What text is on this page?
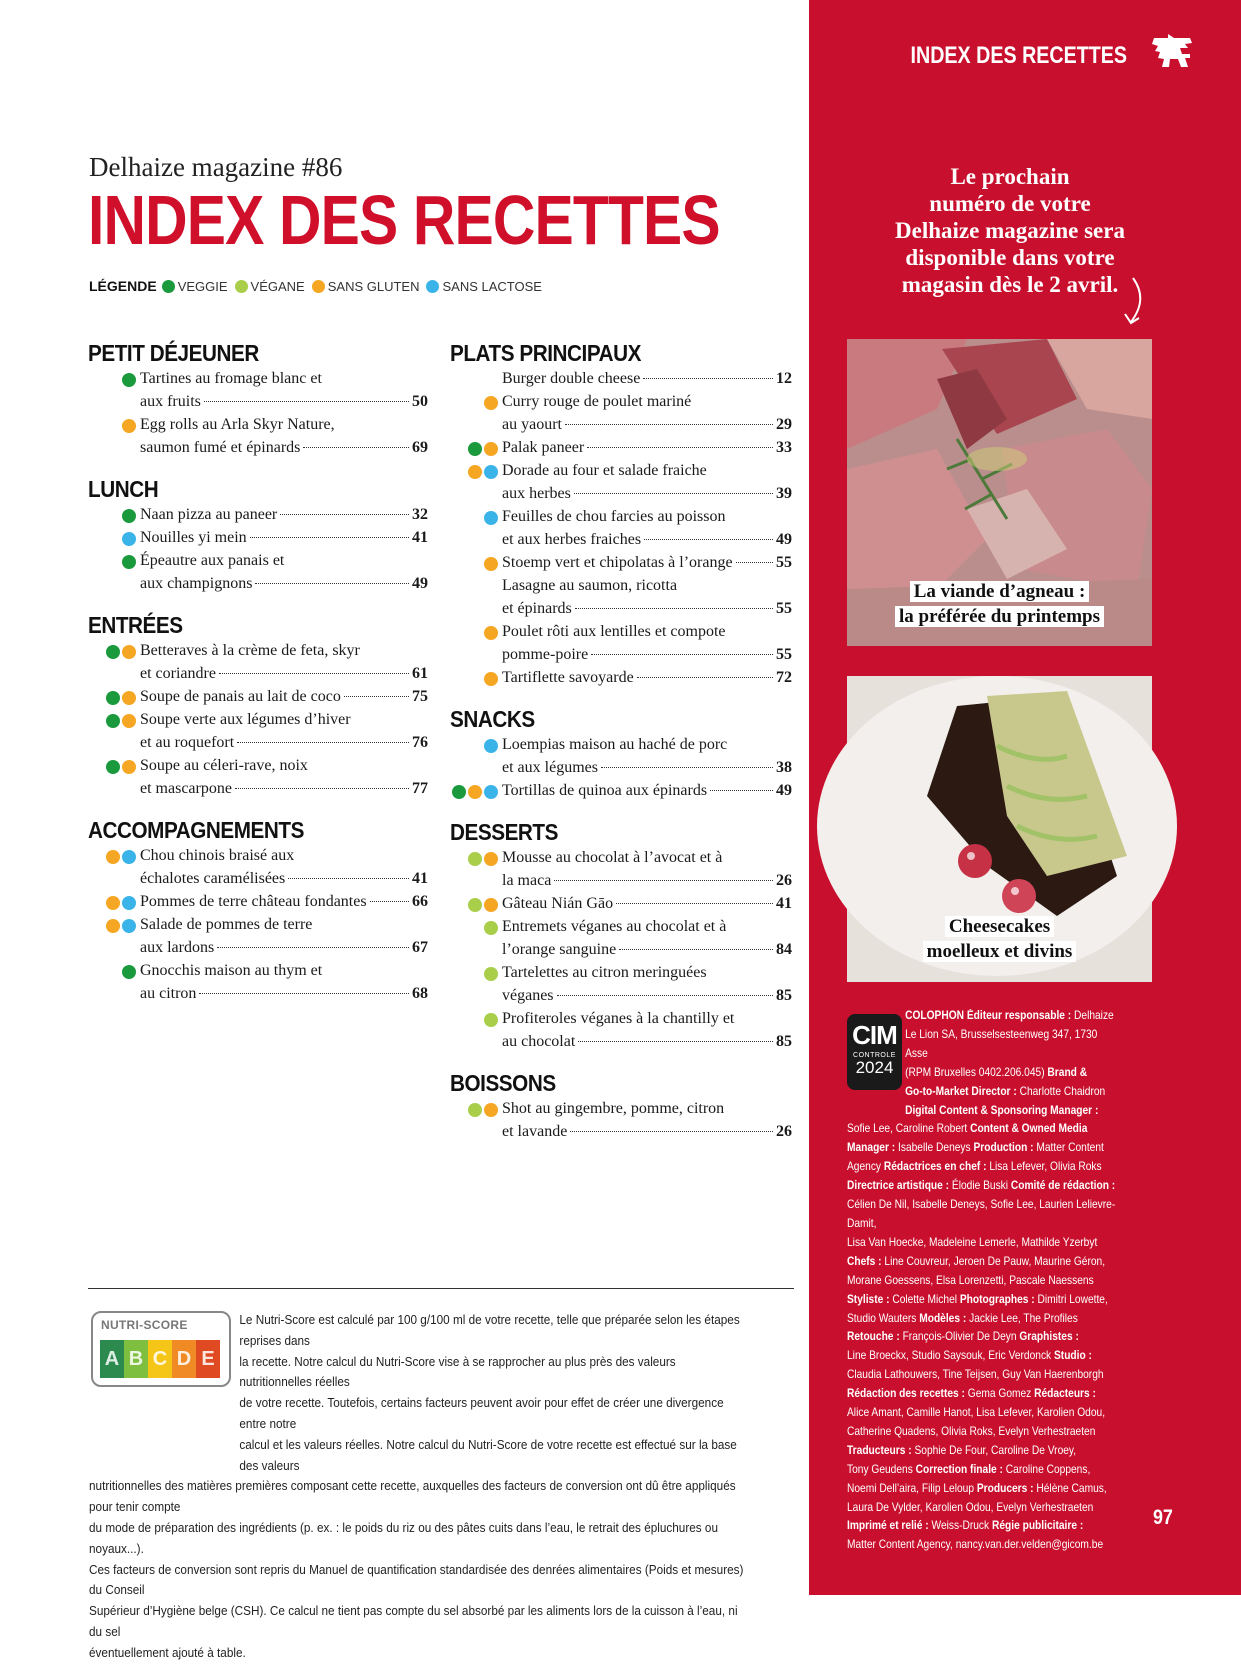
Delhaize magazine #86
INDEX DES RECETTES
LÉGENDE VEGGIE VÉGANE SANS GLUTEN SANS LACTOSE
PETIT DÉJEUNER
Tartines au fromage blanc et
aux fruits	50
Egg rolls au Arla Skyr Nature,
saumon fumé et épinards	69
LUNCH
Naan pizza au paneer	32
Nouilles yi mein	41
Épeautre aux panais et
aux champignons	49
ENTRÉES
Betteraves à la crème de feta, skyr
et coriandre	61
Soupe de panais au lait de coco	75
Soupe verte aux légumes d’hiver
et au roquefort	76
Soupe au céleri-rave, noix
et mascarpone	77
ACCOMPAGNEMENTS
Chou chinois braisé aux
échalotes caramélisées	41
Pommes de terre château fondantes	66
Salade de pommes de terre
aux lardons	67
Gnocchis maison au thym et
au citron	68
PLATS PRINCIPAUX
Burger double cheese	12
Curry rouge de poulet mariné
au yaourt	29
Palak paneer	33
Dorade au four et salade fraiche
aux herbes	39
Feuilles de chou farcies au poisson
et aux herbes fraiches	49
Stoemp vert et chipolatas à l’orange	55
Lasagne au saumon, ricotta
et épinards	55
Poulet rôti aux lentilles et compote
pomme-poire	55
Tartiflette savoyarde	72
SNACKS
Loempias maison au haché de porc
et aux légumes	38
Tortillas de quinoa aux épinards	49
DESSERTS
Mousse au chocolat à l’avocat et à
la maca	26
Gâteau Nián Gāo	41
Entremets véganes au chocolat et à
l’orange sanguine	84
Tartelettes au citron meringuées
véganes	85
Profiteroles véganes à la chantilly et
au chocolat	85
BOISSONS
Shot au gingembre, pomme, citron
et lavande	26
Le Nutri-Score est calculé par 100 g/100 ml de votre recette, telle que préparée selon les étapes reprises dans
la recette. Notre calcul du Nutri-Score vise à se rapprocher au plus près des valeurs nutritionnelles réelles
de votre recette. Toutefois, certains facteurs peuvent avoir pour effet de créer une divergence entre notre
calcul et les valeurs réelles. Notre calcul du Nutri-Score de votre recette est effectué sur la base des valeurs
nutritionnelles des matières premières composant cette recette, auxquelles des facteurs de conversion ont dû être appliqués pour tenir compte
du mode de préparation des ingrédients (p. ex. : le poids du riz ou des pâtes cuits dans l’eau, le retrait des épluchures ou noyaux...).
Ces facteurs de conversion sont repris du Manuel de quantification standardisée des denrées alimentaires (Poids et mesures) du Conseil
Supérieur d’Hygiène belge (CSH). Ce calcul ne tient pas compte du sel absorbé par les aliments lors de la cuisson à l’eau, ni du sel
éventuellement ajouté à table.
NUTRI-SCORE
A B C D E
INDEX DES RECETTES
Le prochain
numéro de votre
Delhaize magazine sera
disponible dans votre
magasin dès le 2 avril.
La viande d’agneau :
la préférée du printemps
Cheesecakes
moelleux et divins

COLOPHON Éditeur responsable : Delhaize

Le Lion SA, Brusselsesteenweg 347, 1730 Asse

(RPM Bruxelles 0402.206.045) Brand &

Go-to-Market Director : Charlotte Chaidron

Digital Content & Sponsoring Manager :

Sofie Lee, Caroline Robert Content & Owned Media

Manager : Isabelle Deneys Production : Matter Content

Agency Rédactrices en chef : Lisa Lefever, Olivia Roks

Directrice artistique : Élodie Buski Comité de rédaction :

Célien De Nil, Isabelle Deneys, Sofie Lee, Laurien Lelievre-Damit,

Lisa Van Hoecke, Madeleine Lemerle, Mathilde Yzerbyt

Chefs : Line Couvreur, Jeroen De Pauw, Maurine Géron,

Morane Goessens, Elsa Lorenzetti, Pascale Naessens

Styliste : Colette Michel Photographes : Dimitri Lowette,

Studio Wauters Modèles : Jackie Lee, The Profiles

Retouche : François-Olivier De Deyn Graphistes :

Line Broeckx, Studio Saysouk, Eric Verdonck Studio :

Claudia Lathouwers, Tine Teijsen, Guy Van Haerenborgh

Rédaction des recettes : Gema Gomez Rédacteurs :

Alice Amant, Camille Hanot, Lisa Lefever, Karolien Odou,

Catherine Quadens, Olivia Roks, Evelyn Verhestraeten

Traducteurs : Sophie De Four, Caroline De Vroey,

Tony Geudens Correction finale : Caroline Coppens,

Noemi Dell’aira, Filip Leloup Producers : Hélène Camus,

Laura De Vylder, Karolien Odou, Evelyn Verhestraeten

Imprimé et relié : Weiss-Druck Régie publicitaire :

Matter Content Agency, nancy.van.der.velden@gicom.be

CIM
CONTROLE
2024
97
